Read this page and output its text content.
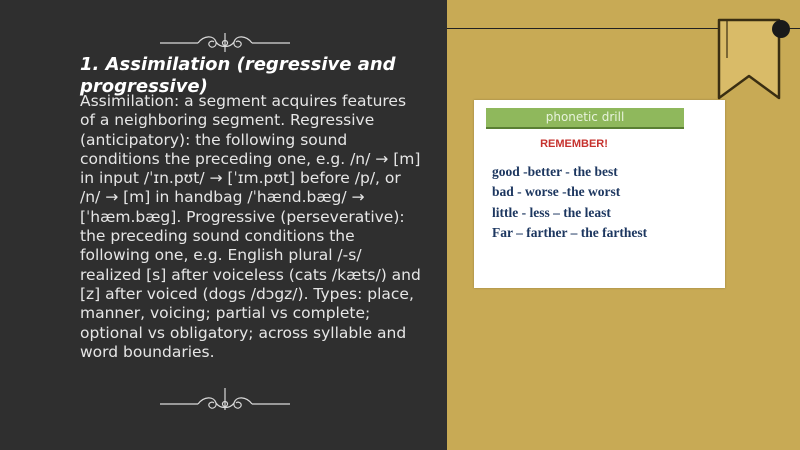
1. Assimilation (regressive and progressive)

Assimilation: a segment acquires features of a neighboring segment. Regressive (anticipatory): the following sound conditions the preceding one, e.g. /n/ → [m] in input /ˈɪn.pʊt/ → [ˈɪm.pʊt] before /p/, or /n/ → [m] in handbag /ˈhænd.bæg/ → [ˈhæm.bæg]. Progressive (perseverative): the preceding sound conditions the following one, e.g. English plural /-s/ realized [s] after voiceless (cats /kæts/) and [z] after voiced (dogs /dɔgz/). Types: place, manner, voicing; partial vs complete; optional vs obligatory; across syllable and word boundaries.

phonetic drill
REMEMBER!
good -better - the best
bad - worse -the worst
little - less – the least
Far – farther – the farthest
